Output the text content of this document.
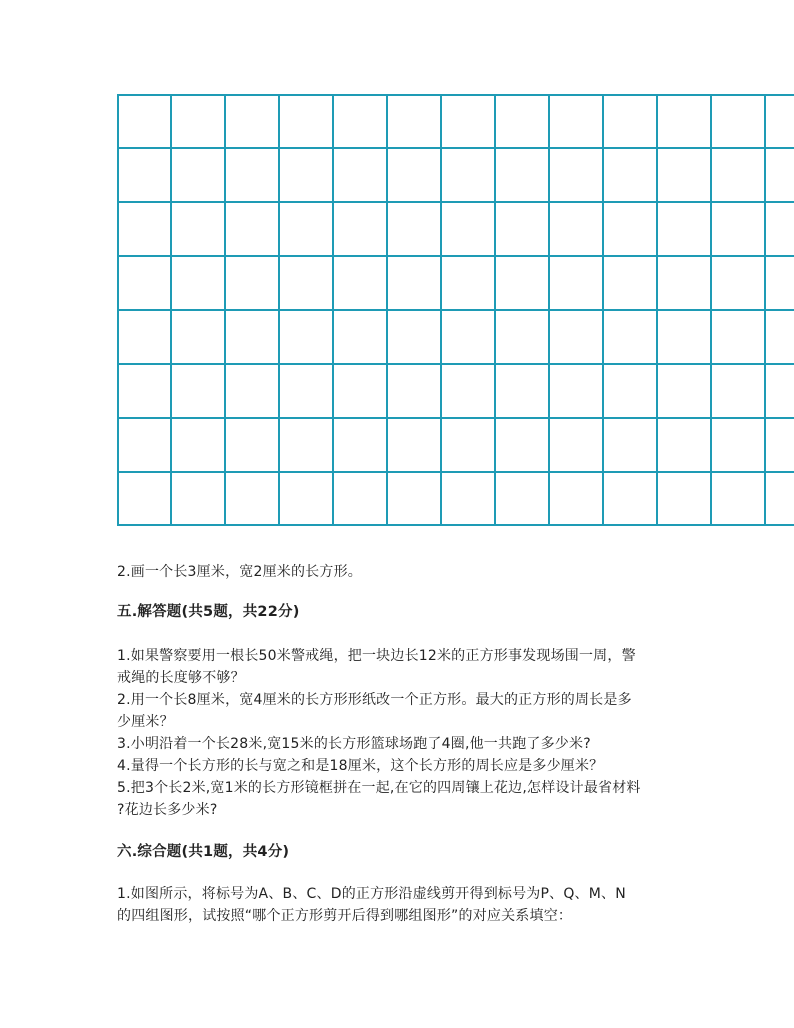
2.画一个长3厘米，宽2厘米的长方形。
五.解答题(共5题，共22分)
1.如果警察要用一根长50米警戒绳，把一块边长12米的正方形事发现场围一周，警
戒绳的长度够不够？
2.用一个长8厘米，宽4厘米的长方形形纸改一个正方形。最大的正方形的周长是多
少厘米？
3.小明沿着一个长28米,宽15米的长方形篮球场跑了4圈,他一共跑了多少米?
4.量得一个长方形的长与宽之和是18厘米，这个长方形的周长应是多少厘米？
5.把3个长2米,宽1米的长方形镜框拼在一起,在它的四周镶上花边,怎样设计最省材料
?花边长多少米?
六.综合题(共1题，共4分)
1.如图所示，将标号为A、B、C、D的正方形沿虚线剪开得到标号为P、Q、M、N
的四组图形，试按照“哪个正方形剪开后得到哪组图形”的对应关系填空：
